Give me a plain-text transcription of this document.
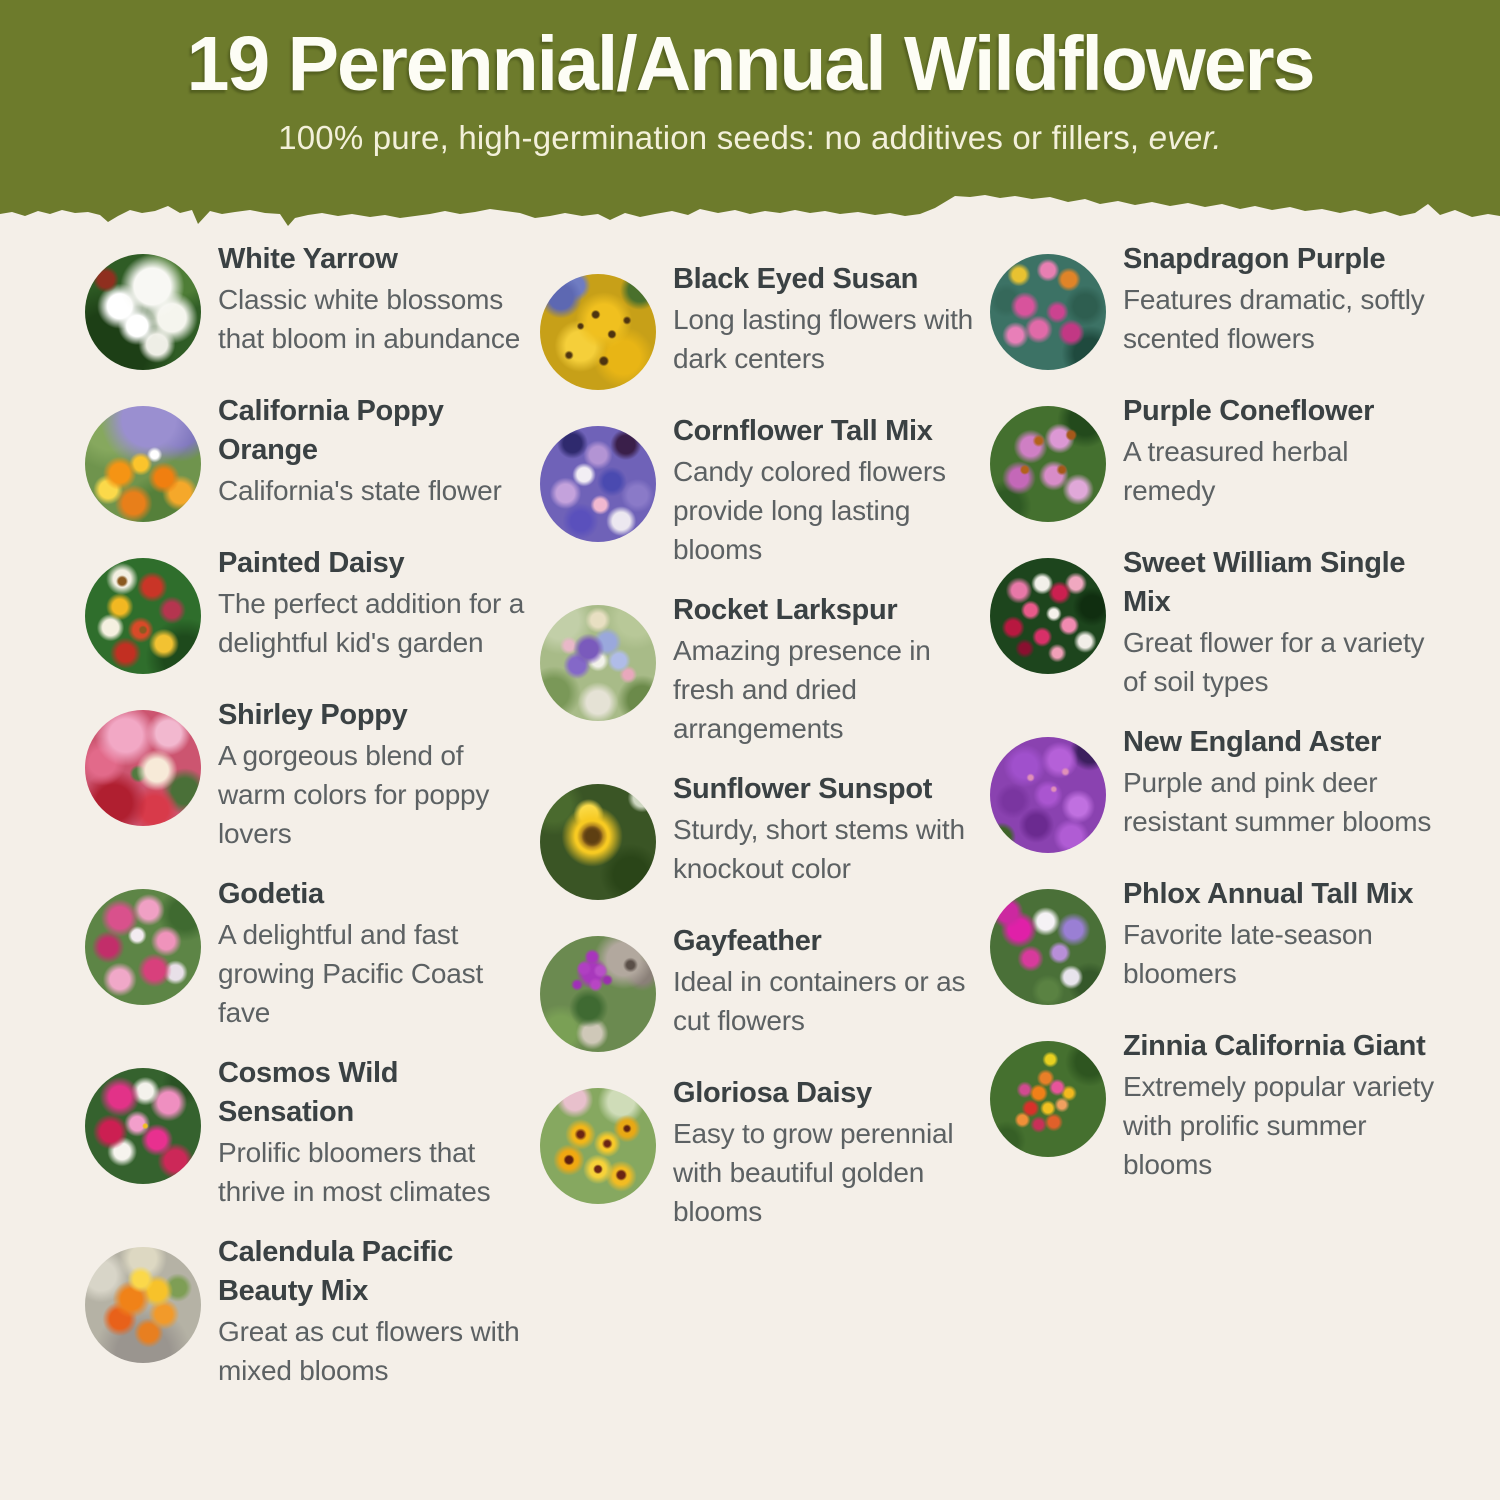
19 Perennial/Annual Wildflowers

100% pure, high-germination seeds: no additives or fillers, ever.

White Yarrow

Classic white blossoms that bloom in abundance

California Poppy Orange

California's state flower

Painted Daisy

The perfect addition for a delightful kid's garden

Shirley Poppy

A gorgeous blend of warm colors for poppy lovers

Godetia

A delightful and fast growing Pacific Coast fave

Cosmos Wild Sensation

Prolific bloomers that thrive in most climates

Calendula Pacific Beauty Mix

Great as cut flowers with mixed blooms

Black Eyed Susan

Long lasting flowers with dark centers

Cornflower Tall Mix

Candy colored flowers provide long lasting blooms

Rocket Larkspur

Amazing presence in fresh and dried arrangements

Sunflower Sunspot

Sturdy, short stems with knockout color

Gayfeather

Ideal in containers or as cut flowers

Gloriosa Daisy

Easy to grow perennial with beautiful golden blooms

Snapdragon Purple

Features dramatic, softly scented flowers

Purple Coneflower

A treasured herbal remedy

Sweet William Single Mix

Great flower for a variety of soil types

New England Aster

Purple and pink deer resistant summer blooms

Phlox Annual Tall Mix

Favorite late-season bloomers

Zinnia California Giant

Extremely popular variety with prolific summer blooms
